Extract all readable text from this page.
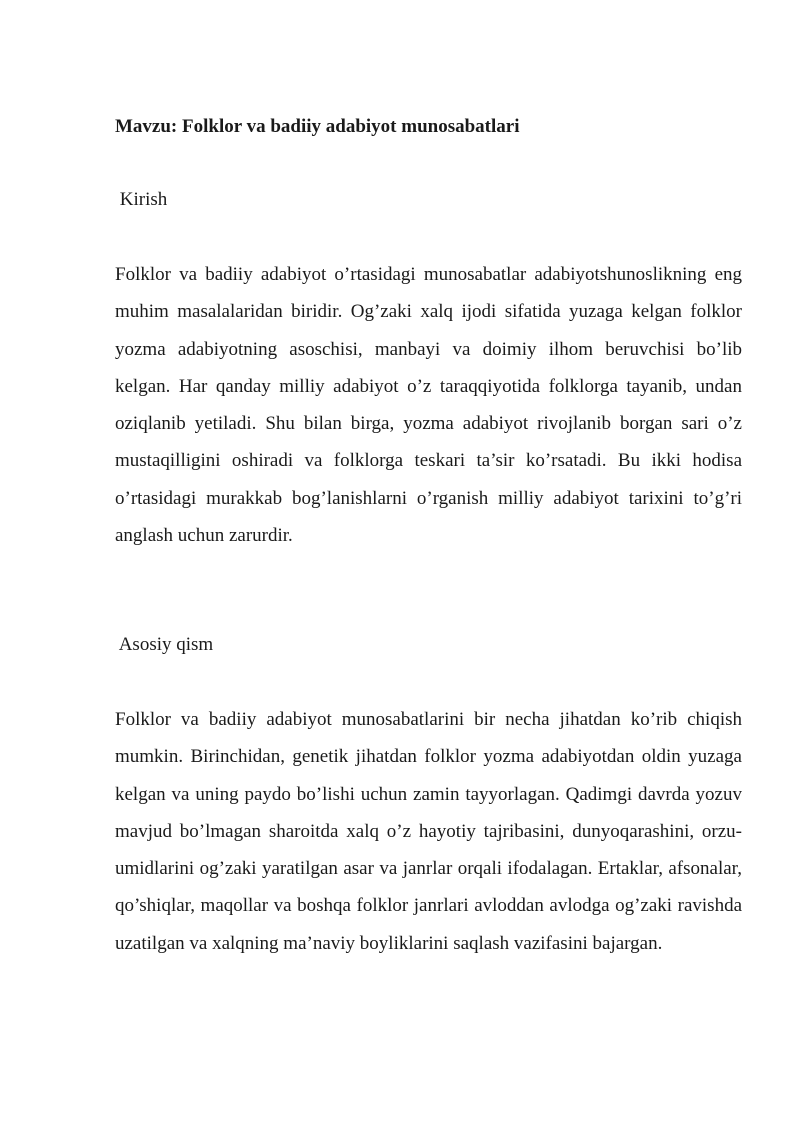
Mavzu: Folklor va badiiy adabiyot munosabatlari

Kirish

Folklor va badiiy adabiyot o’rtasidagi munosabatlar adabiyotshunoslikning eng muhim masalalaridan biridir. Og’zaki xalq ijodi sifatida yuzaga kelgan folklor yozma adabiyotning asoschisi, manbayi va doimiy ilhom beruvchisi bo’lib kelgan. Har qanday milliy adabiyot o’z taraqqiyotida folklorga tayanib, undan oziqlanib yetiladi. Shu bilan birga, yozma adabiyot rivojlanib borgan sari o’z mustaqilligini oshiradi va folklorga teskari ta’sir ko’rsatadi. Bu ikki hodisa o’rtasidagi murakkab bog’lanishlarni o’rganish milliy adabiyot tarixini to’g’ri anglash uchun zarurdir.

Asosiy qism

Folklor va badiiy adabiyot munosabatlarini bir necha jihatdan ko’rib chiqish mumkin. Birinchidan, genetik jihatdan folklor yozma adabiyotdan oldin yuzaga kelgan va uning paydo bo’lishi uchun zamin tayyorlagan. Qadimgi davrda yozuv mavjud bo’lmagan sharoitda xalq o’z hayotiy tajribasini, dunyoqarashini, orzu-umidlarini og’zaki yaratilgan asar va janrlar orqali ifodalagan. Ertaklar, afsonalar, qo’shiqlar, maqollar va boshqa folklor janrlari avloddan avlodga og’zaki ravishda uzatilgan va xalqning ma’naviy boyliklarini saqlash vazifasini bajargan.
